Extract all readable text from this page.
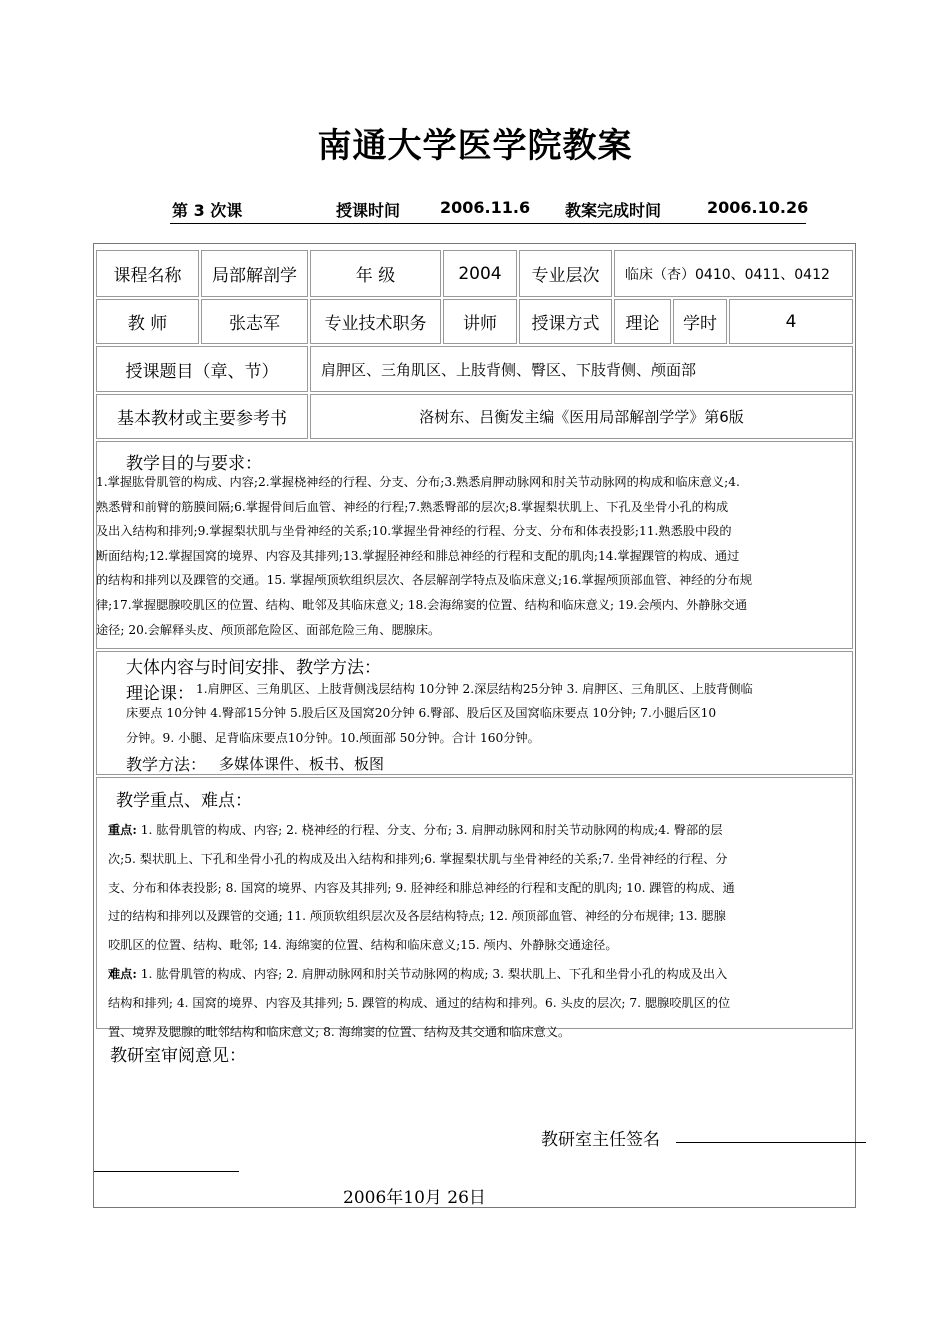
南通大学医学院教案
第 3 次课	授课时间 2006.11.6 教案完成时间	2006.10.26
课程名称	局部解剖学	年 级	2004	专业层次	临床（杏）0410、0411、0412
教 师	张志军	专业技术职务	讲师	授课方式	理论	学时	4
授课题目（章、节）	肩胛区、三角肌区、上肢背侧、臀区、下肢背侧、颅面部
基本教材或主要参考书	洛树东、吕衡发主编《医用局部解剖学学》第6版
教学目的与要求：
1.掌握肱骨肌管的构成、内容;2.掌握桡神经的行程、分支、分布;3.熟悉肩胛动脉网和肘关节动脉网的构成和临床意义;4.
熟悉臂和前臂的筋膜间隔;6.掌握骨间后血管、神经的行程;7.熟悉臀部的层次;8.掌握梨状肌上、下孔及坐骨小孔的构成
及出入结构和排列;9.掌握梨状肌与坐骨神经的关系;10.掌握坐骨神经的行程、分支、分布和体表投影;11.熟悉股中段的
断面结构;12.掌握国窝的境界、内容及其排列;13.掌握胫神经和腓总神经的行程和支配的肌肉;14.掌握踝管的构成、通过
的结构和排列以及踝管的交通。15. 掌握颅顶软组织层次、各层解剖学特点及临床意义;16.掌握颅顶部血管、神经的分布规
律;17.掌握腮腺咬肌区的位置、结构、毗邻及其临床意义; 18.会海绵窦的位置、结构和临床意义; 19.会颅内、外静脉交通
途径; 20.会解释头皮、颅顶部危险区、面部危险三角、腮腺床。
大体内容与时间安排、教学方法：
理论课： 1.肩胛区、三角肌区、上肢背侧浅层结构 10分钟 2.深层结构25分钟 3. 肩胛区、三角肌区、上肢背侧临
床要点 10分钟 4.臀部15分钟 5.股后区及国窝20分钟 6.臀部、股后区及国窝临床要点 10分钟; 7.小腿后区10
分钟。9. 小腿、足背临床要点10分钟。10.颅面部 50分钟。合计 160分钟。
教学方法： 多媒体课件、板书、板图
教学重点、难点：
重点: 1. 肱骨肌管的构成、内容; 2. 桡神经的行程、分支、分布; 3. 肩胛动脉网和肘关节动脉网的构成;4. 臀部的层
次;5. 梨状肌上、下孔和坐骨小孔的构成及出入结构和排列;6. 掌握梨状肌与坐骨神经的关系;7. 坐骨神经的行程、分
支、分布和体表投影; 8. 国窝的境界、内容及其排列; 9. 胫神经和腓总神经的行程和支配的肌肉; 10. 踝管的构成、通
过的结构和排列以及踝管的交通; 11. 颅顶软组织层次及各层结构特点; 12. 颅顶部血管、神经的分布规律; 13. 腮腺
咬肌区的位置、结构、毗邻; 14. 海绵窦的位置、结构和临床意义;15. 颅内、外静脉交通途径。
难点: 1. 肱骨肌管的构成、内容; 2. 肩胛动脉网和肘关节动脉网的构成; 3. 梨状肌上、下孔和坐骨小孔的构成及出入
结构和排列; 4. 国窝的境界、内容及其排列; 5. 踝管的构成、通过的结构和排列。6. 头皮的层次; 7. 腮腺咬肌区的位
置、境界及腮腺的毗邻结构和临床意义; 8. 海绵窦的位置、结构及其交通和临床意义。
教研室审阅意见：
教研室主任签名
2006年10月 26日
